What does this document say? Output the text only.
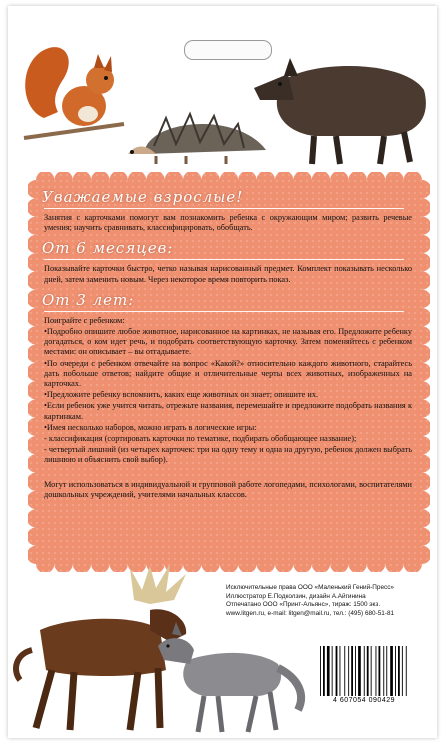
Уважаемые взрослые!

Занятия с карточками помогут вам познакомить ребенка с окружающим миром; развить речевые умения; научить сравнивать, классифицировать, обобщать.

От 6 месяцев:

Показывайте карточки быстро, четко называя нарисованный предмет. Комплект показывать несколько дней, затем заменить новым. Через некоторое время повторить показ.

От 3 лет:

Поиграйте с ребенком:

•Подробно опишите любое животное, нарисованное на картинках, не называя его. Предложите ребенку догадаться, о ком идет речь, и подобрать соответствующую карточку. Затем поменяйтесь с ребенком местами: он описывает – вы отгадываете.

•По очереди с ребенком отвечайте на вопрос «Какой?» относительно каждого животного, старайтесь дать побольше ответов; найдите общие и отличительные черты всех животных, изображенных на карточках.

•Предложите ребенку вспомнить, каких еще животных он знает; опишите их.

•Если ребенок уже учится читать, отрежьте названия, перемешайте и предложите подобрать названия к картинкам.

•Имея несколько наборов, можно играть в логические игры:

- классификация (сортировать карточки по тематике, подбирать обобщающее название);

- четвертый лишний (из четырех карточек: три на одну тему и одна на другую, ребенок должен выбрать лишнюю и объяснить свой выбор).

Могут использоваться в индивидуальной и групповой работе логопедами, психологами, воспитателями дошкольных учреждений, учителями начальных классов.

Исключительные права ООО «Маленький Гений-Пресс»
Иллюстратор Е.Подколзин, дизайн А.Айгинина
Отпечатано ООО «Принт-Альянс», тираж: 1500 экз.
www.litgen.ru, e-mail: litgen@mail.ru, тел.: (495) 680-51-81
4 607054 090429
